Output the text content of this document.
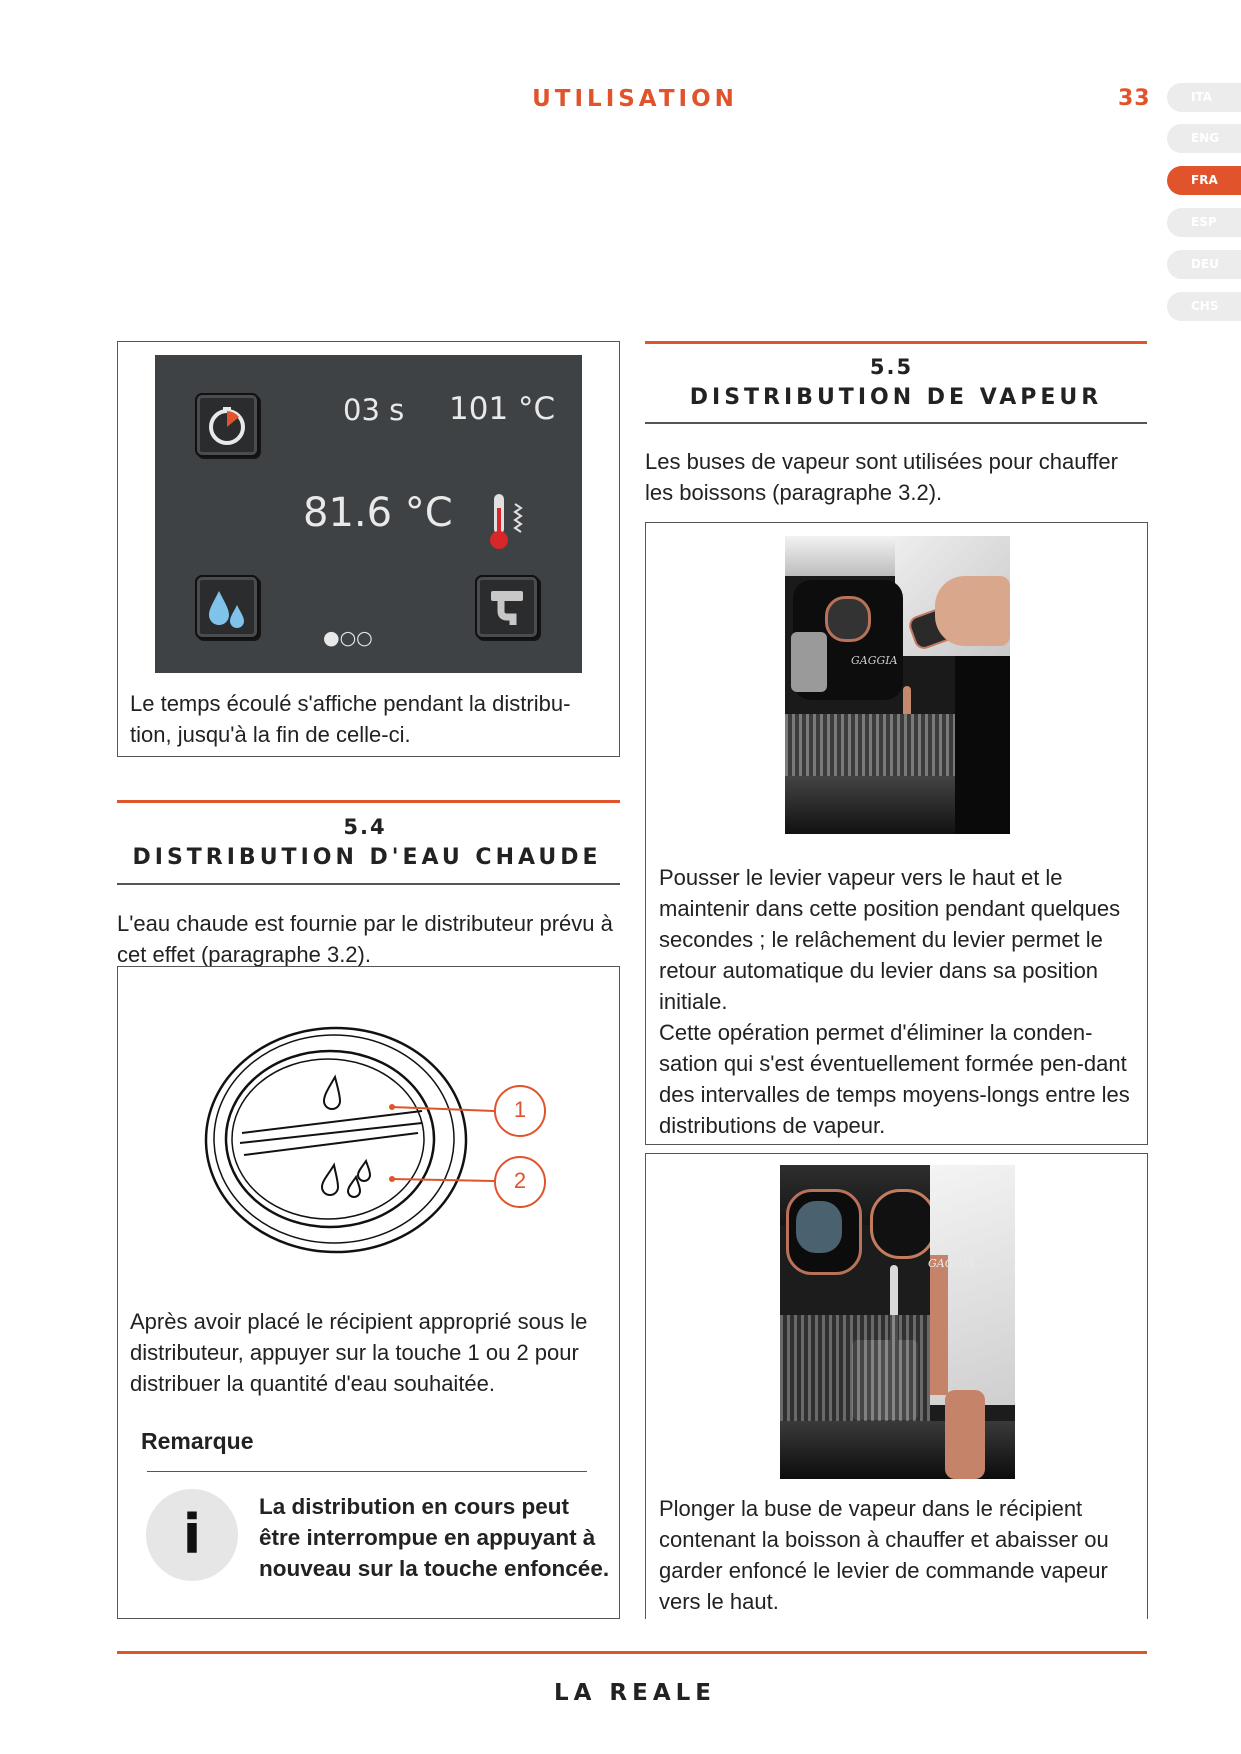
UTILISATION	33	ITA
ENG
FRA
ESP
DEU
CHS
03 s 101 °C
81.6 °C
●○○
Le temps écoulé s'affiche pendant la distribu-tion, jusqu'à la fin de celle-ci.
5.4
DISTRIBUTION D'EAU CHAUDE
L'eau chaude est fournie par le distributeur prévu à cet effet (paragraphe 3.2).
1
2
Après avoir placé le récipient approprié sous le distributeur, appuyer sur la touche 1 ou 2 pour distribuer la quantité d'eau souhaitée.
Remarque
i	La distribution en cours peut être interrompue en appuyant à nouveau sur la touche enfoncée.
5.5
DISTRIBUTION DE VAPEUR
Les buses de vapeur sont utilisées pour chauffer les boissons (paragraphe 3.2).
GAGGIA
Pousser le levier vapeur vers le haut et le maintenir dans cette position pendant quelques secondes ; le relâchement du levier permet le retour automatique du levier dans sa position initiale.
Cette opération permet d'éliminer la conden-sation qui s'est éventuellement formée pen-dant des intervalles de temps moyens-longs entre les distributions de vapeur.
GAGGIA
Plonger la buse de vapeur dans le récipient contenant la boisson à chauffer et abaisser ou garder enfoncé le levier de commande vapeur vers le haut.
LA REALE
